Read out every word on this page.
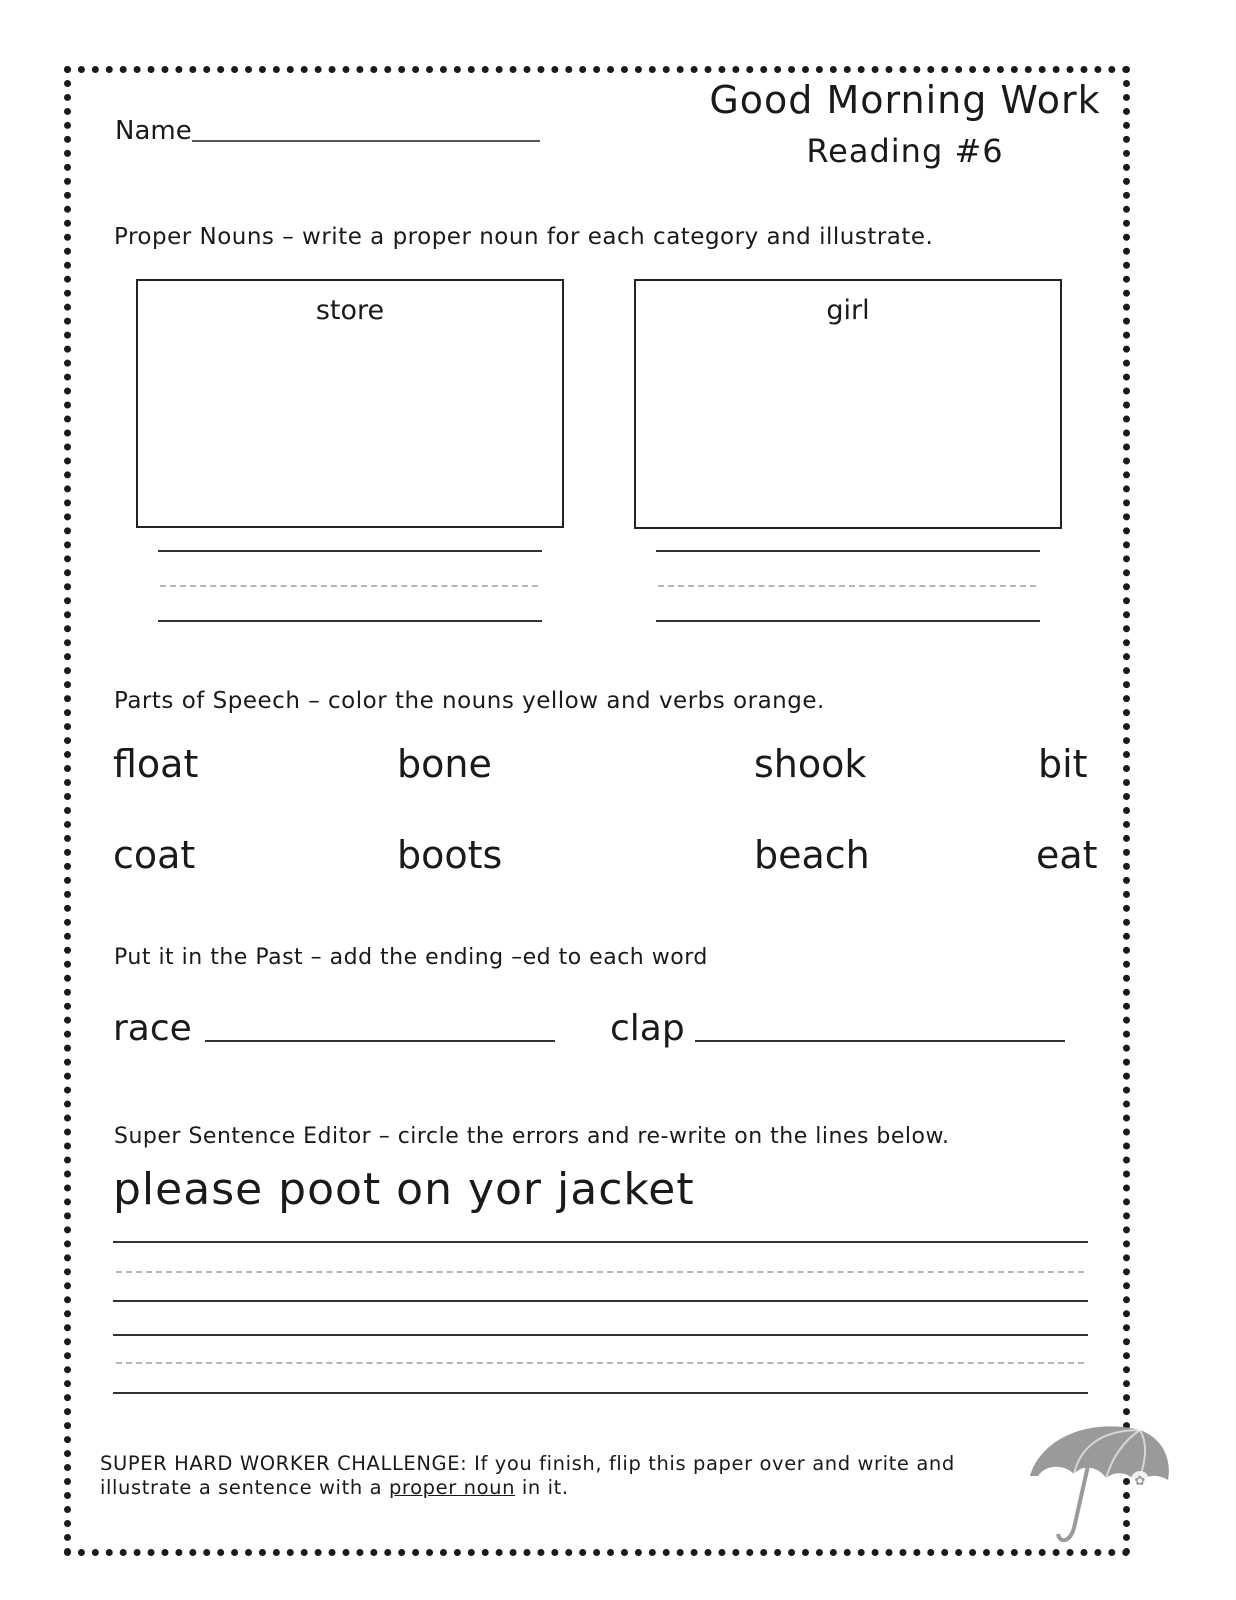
Name
Good Morning Work
Reading #6
Proper Nouns – write a proper noun for each category and illustrate.
store	girl
Parts of Speech – color the nouns yellow and verbs orange.
float	bone	shook	bit
coat	boots	beach	eat
Put it in the Past – add the ending –ed to each word
race	clap
Super Sentence Editor – circle the errors and re-write on the lines below.
please poot on yor jacket
SUPER HARD WORKER CHALLENGE: If you finish, flip this paper over and write and
illustrate a sentence with a proper noun in it.	✿
